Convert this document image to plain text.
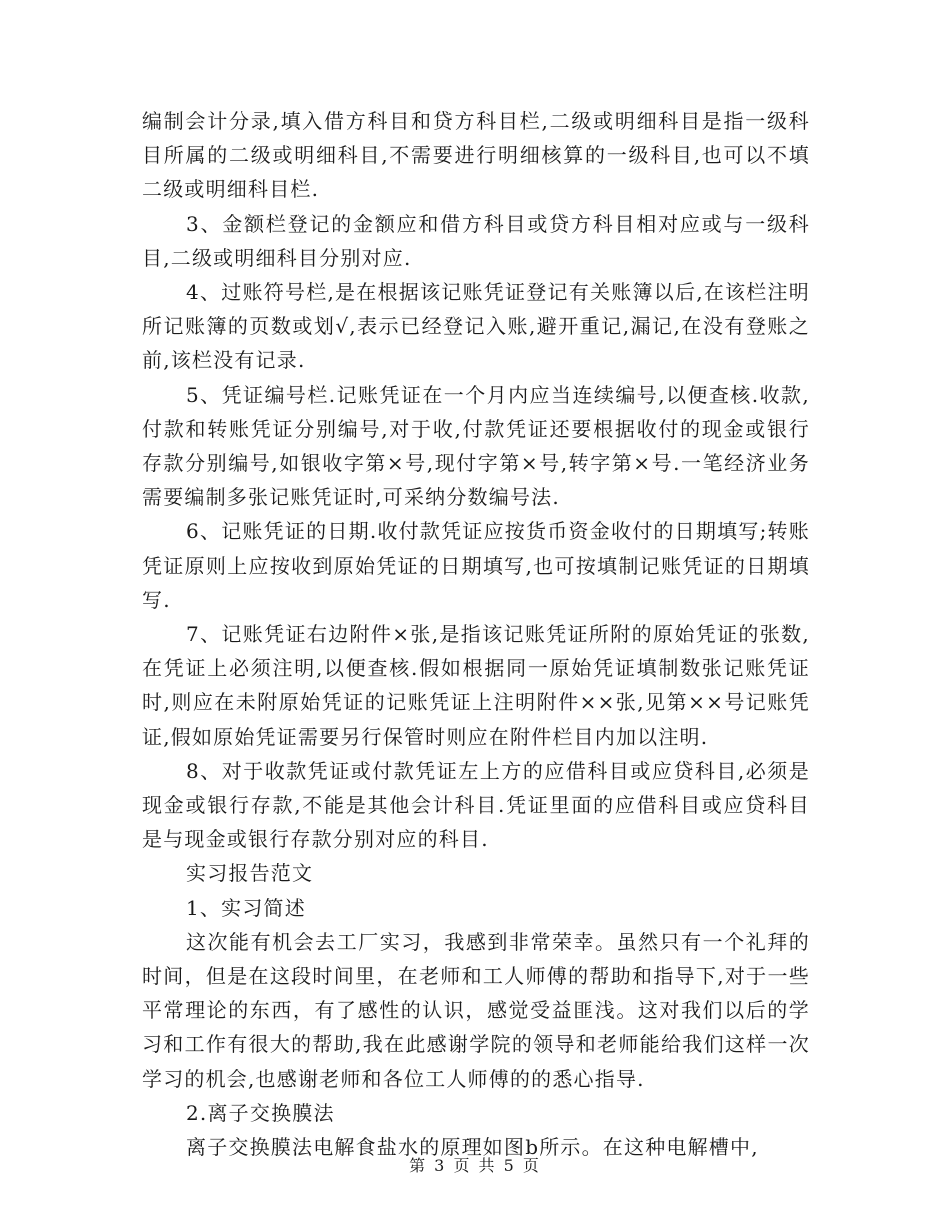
编制会计分录,填入借方科目和贷方科目栏,二级或明细科目是指一级科目所属的二级或明细科目,不需要进行明细核算的一级科目,也可以不填二级或明细科目栏.

3、金额栏登记的金额应和借方科目或贷方科目相对应或与一级科目,二级或明细科目分别对应.

4、过账符号栏,是在根据该记账凭证登记有关账簿以后,在该栏注明所记账簿的页数或划√,表示已经登记入账,避开重记,漏记,在没有登账之前,该栏没有记录.

5、凭证编号栏.记账凭证在一个月内应当连续编号,以便查核.收款,付款和转账凭证分别编号,对于收,付款凭证还要根据收付的现金或银行存款分别编号,如银收字第×号,现付字第×号,转字第×号.一笔经济业务需要编制多张记账凭证时,可采纳分数编号法.

6、记账凭证的日期.收付款凭证应按货币资金收付的日期填写;转账凭证原则上应按收到原始凭证的日期填写,也可按填制记账凭证的日期填写.

7、记账凭证右边附件×张,是指该记账凭证所附的原始凭证的张数,在凭证上必须注明,以便查核.假如根据同一原始凭证填制数张记账凭证时,则应在未附原始凭证的记账凭证上注明附件××张,见第××号记账凭证,假如原始凭证需要另行保管时则应在附件栏目内加以注明.

8、对于收款凭证或付款凭证左上方的应借科目或应贷科目,必须是现金或银行存款,不能是其他会计科目.凭证里面的应借科目或应贷科目是与现金或银行存款分别对应的科目.

实习报告范文

1、实习简述

这次能有机会去工厂实习，我感到非常荣幸。虽然只有一个礼拜的时间，但是在这段时间里，在老师和工人师傅的帮助和指导下,对于一些平常理论的东西，有了感性的认识，感觉受益匪浅。这对我们以后的学习和工作有很大的帮助,我在此感谢学院的领导和老师能给我们这样一次学习的机会,也感谢老师和各位工人师傅的的悉心指导.

2.离子交换膜法

离子交换膜法电解食盐水的原理如图b所示。在这种电解槽中,

第 3 页 共 5 页
